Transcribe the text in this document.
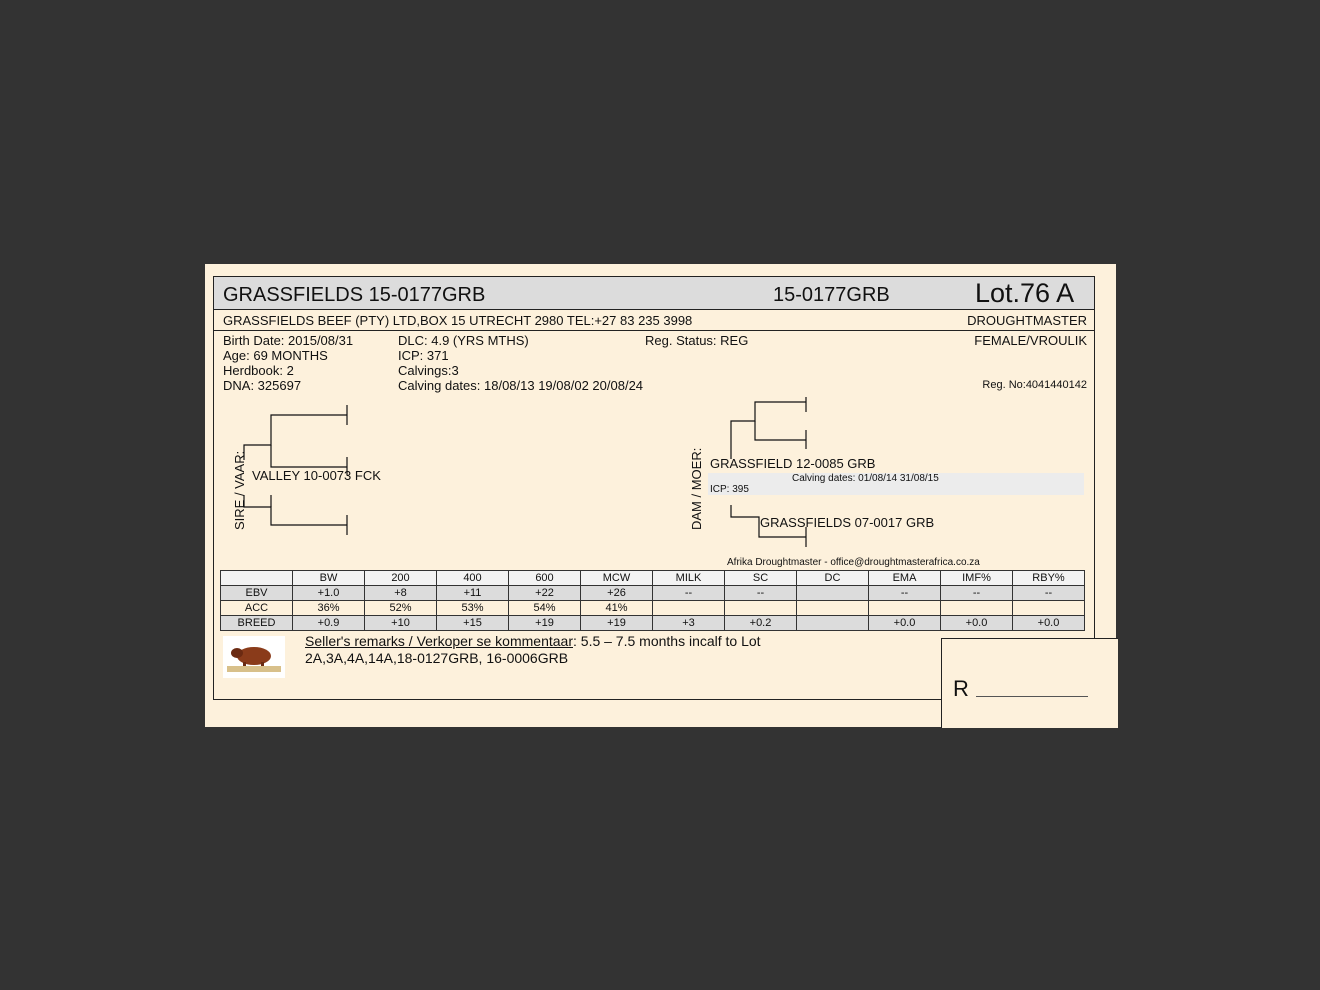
GRASSFIELDS 15-0177GRB	15-0177GRB	Lot.76 A
GRASSFIELDS BEEF (PTY) LTD,BOX 15 UTRECHT 2980 TEL:+27 83 235 3998	DROUGHTMASTER
Birth Date: 2015/08/31
Age: 69 MONTHS
Herdbook: 2
DNA: 325697
DLC: 4.9 (YRS MTHS)
ICP: 371
Calvings:3
Calving dates: 18/08/13 19/08/02 20/08/24
Reg. Status: REG	FEMALE/VROULIK
Reg. No:4041440142
SIRE / VAAR: VALLEY 10-0073 FCK	DAM / MOER: GRASSFIELD 12-0085 GRB
Calving dates: 01/08/14 31/08/15
ICP: 395
GRASSFIELDS 07-0017 GRB
Afrika Droughtmaster - office@droughtmasterafrica.co.za
	BW	200	400	600	MCW	MILK	SC	DC	EMA	IMF%	RBY%
EBV	+1.0	+8	+11	+22	+26	--	--		--	--	--
ACC	36%	52%	53%	54%	41%						
BREED	+0.9	+10	+15	+19	+19	+3	+0.2		+0.0	+0.0	+0.0
R
Seller's remarks / Verkoper se kommentaar: 5.5 – 7.5 months incalf to Lot
2A,3A,4A,14A,18-0127GRB, 16-0006GRB
